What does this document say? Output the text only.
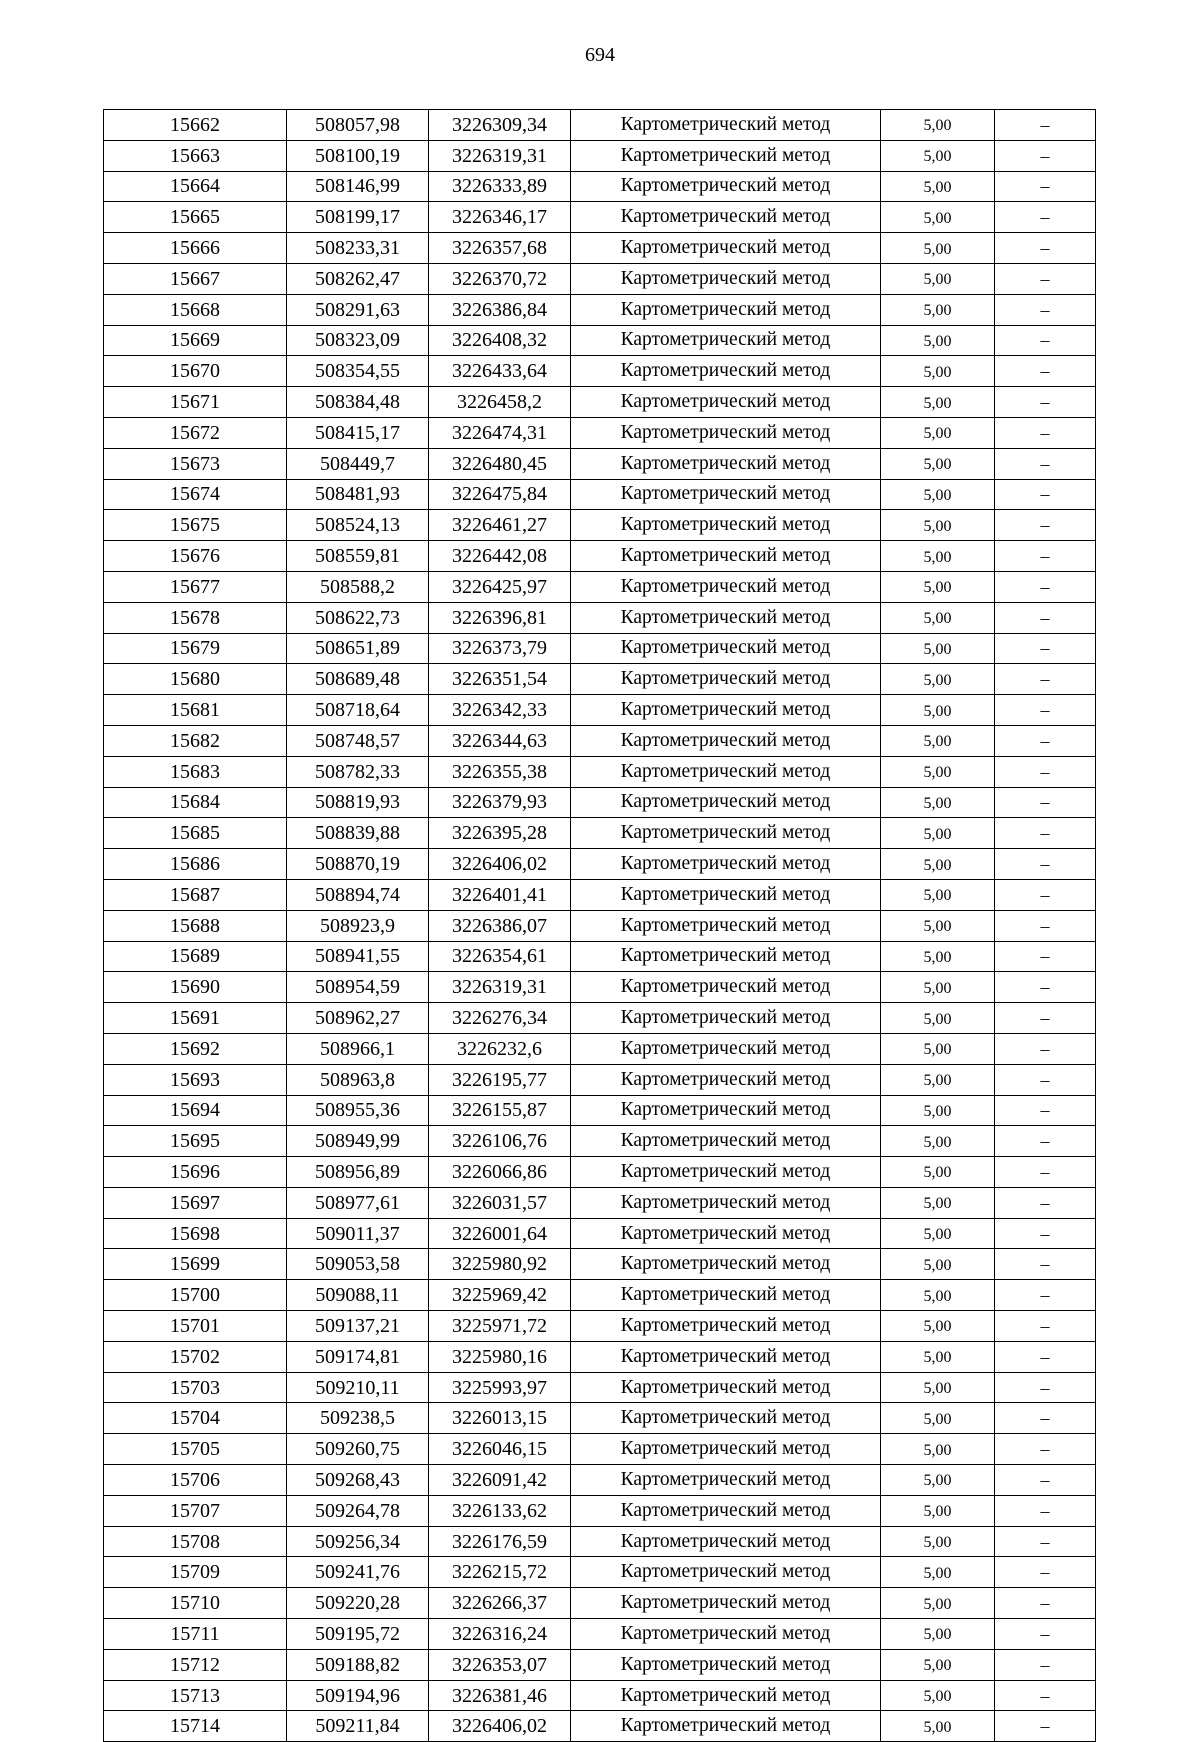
694
15662	508057,98	3226309,34	Картометрический метод	5,00	–
15663	508100,19	3226319,31	Картометрический метод	5,00	–
15664	508146,99	3226333,89	Картометрический метод	5,00	–
15665	508199,17	3226346,17	Картометрический метод	5,00	–
15666	508233,31	3226357,68	Картометрический метод	5,00	–
15667	508262,47	3226370,72	Картометрический метод	5,00	–
15668	508291,63	3226386,84	Картометрический метод	5,00	–
15669	508323,09	3226408,32	Картометрический метод	5,00	–
15670	508354,55	3226433,64	Картометрический метод	5,00	–
15671	508384,48	3226458,2	Картометрический метод	5,00	–
15672	508415,17	3226474,31	Картометрический метод	5,00	–
15673	508449,7	3226480,45	Картометрический метод	5,00	–
15674	508481,93	3226475,84	Картометрический метод	5,00	–
15675	508524,13	3226461,27	Картометрический метод	5,00	–
15676	508559,81	3226442,08	Картометрический метод	5,00	–
15677	508588,2	3226425,97	Картометрический метод	5,00	–
15678	508622,73	3226396,81	Картометрический метод	5,00	–
15679	508651,89	3226373,79	Картометрический метод	5,00	–
15680	508689,48	3226351,54	Картометрический метод	5,00	–
15681	508718,64	3226342,33	Картометрический метод	5,00	–
15682	508748,57	3226344,63	Картометрический метод	5,00	–
15683	508782,33	3226355,38	Картометрический метод	5,00	–
15684	508819,93	3226379,93	Картометрический метод	5,00	–
15685	508839,88	3226395,28	Картометрический метод	5,00	–
15686	508870,19	3226406,02	Картометрический метод	5,00	–
15687	508894,74	3226401,41	Картометрический метод	5,00	–
15688	508923,9	3226386,07	Картометрический метод	5,00	–
15689	508941,55	3226354,61	Картометрический метод	5,00	–
15690	508954,59	3226319,31	Картометрический метод	5,00	–
15691	508962,27	3226276,34	Картометрический метод	5,00	–
15692	508966,1	3226232,6	Картометрический метод	5,00	–
15693	508963,8	3226195,77	Картометрический метод	5,00	–
15694	508955,36	3226155,87	Картометрический метод	5,00	–
15695	508949,99	3226106,76	Картометрический метод	5,00	–
15696	508956,89	3226066,86	Картометрический метод	5,00	–
15697	508977,61	3226031,57	Картометрический метод	5,00	–
15698	509011,37	3226001,64	Картометрический метод	5,00	–
15699	509053,58	3225980,92	Картометрический метод	5,00	–
15700	509088,11	3225969,42	Картометрический метод	5,00	–
15701	509137,21	3225971,72	Картометрический метод	5,00	–
15702	509174,81	3225980,16	Картометрический метод	5,00	–
15703	509210,11	3225993,97	Картометрический метод	5,00	–
15704	509238,5	3226013,15	Картометрический метод	5,00	–
15705	509260,75	3226046,15	Картометрический метод	5,00	–
15706	509268,43	3226091,42	Картометрический метод	5,00	–
15707	509264,78	3226133,62	Картометрический метод	5,00	–
15708	509256,34	3226176,59	Картометрический метод	5,00	–
15709	509241,76	3226215,72	Картометрический метод	5,00	–
15710	509220,28	3226266,37	Картометрический метод	5,00	–
15711	509195,72	3226316,24	Картометрический метод	5,00	–
15712	509188,82	3226353,07	Картометрический метод	5,00	–
15713	509194,96	3226381,46	Картометрический метод	5,00	–
15714	509211,84	3226406,02	Картометрический метод	5,00	–
